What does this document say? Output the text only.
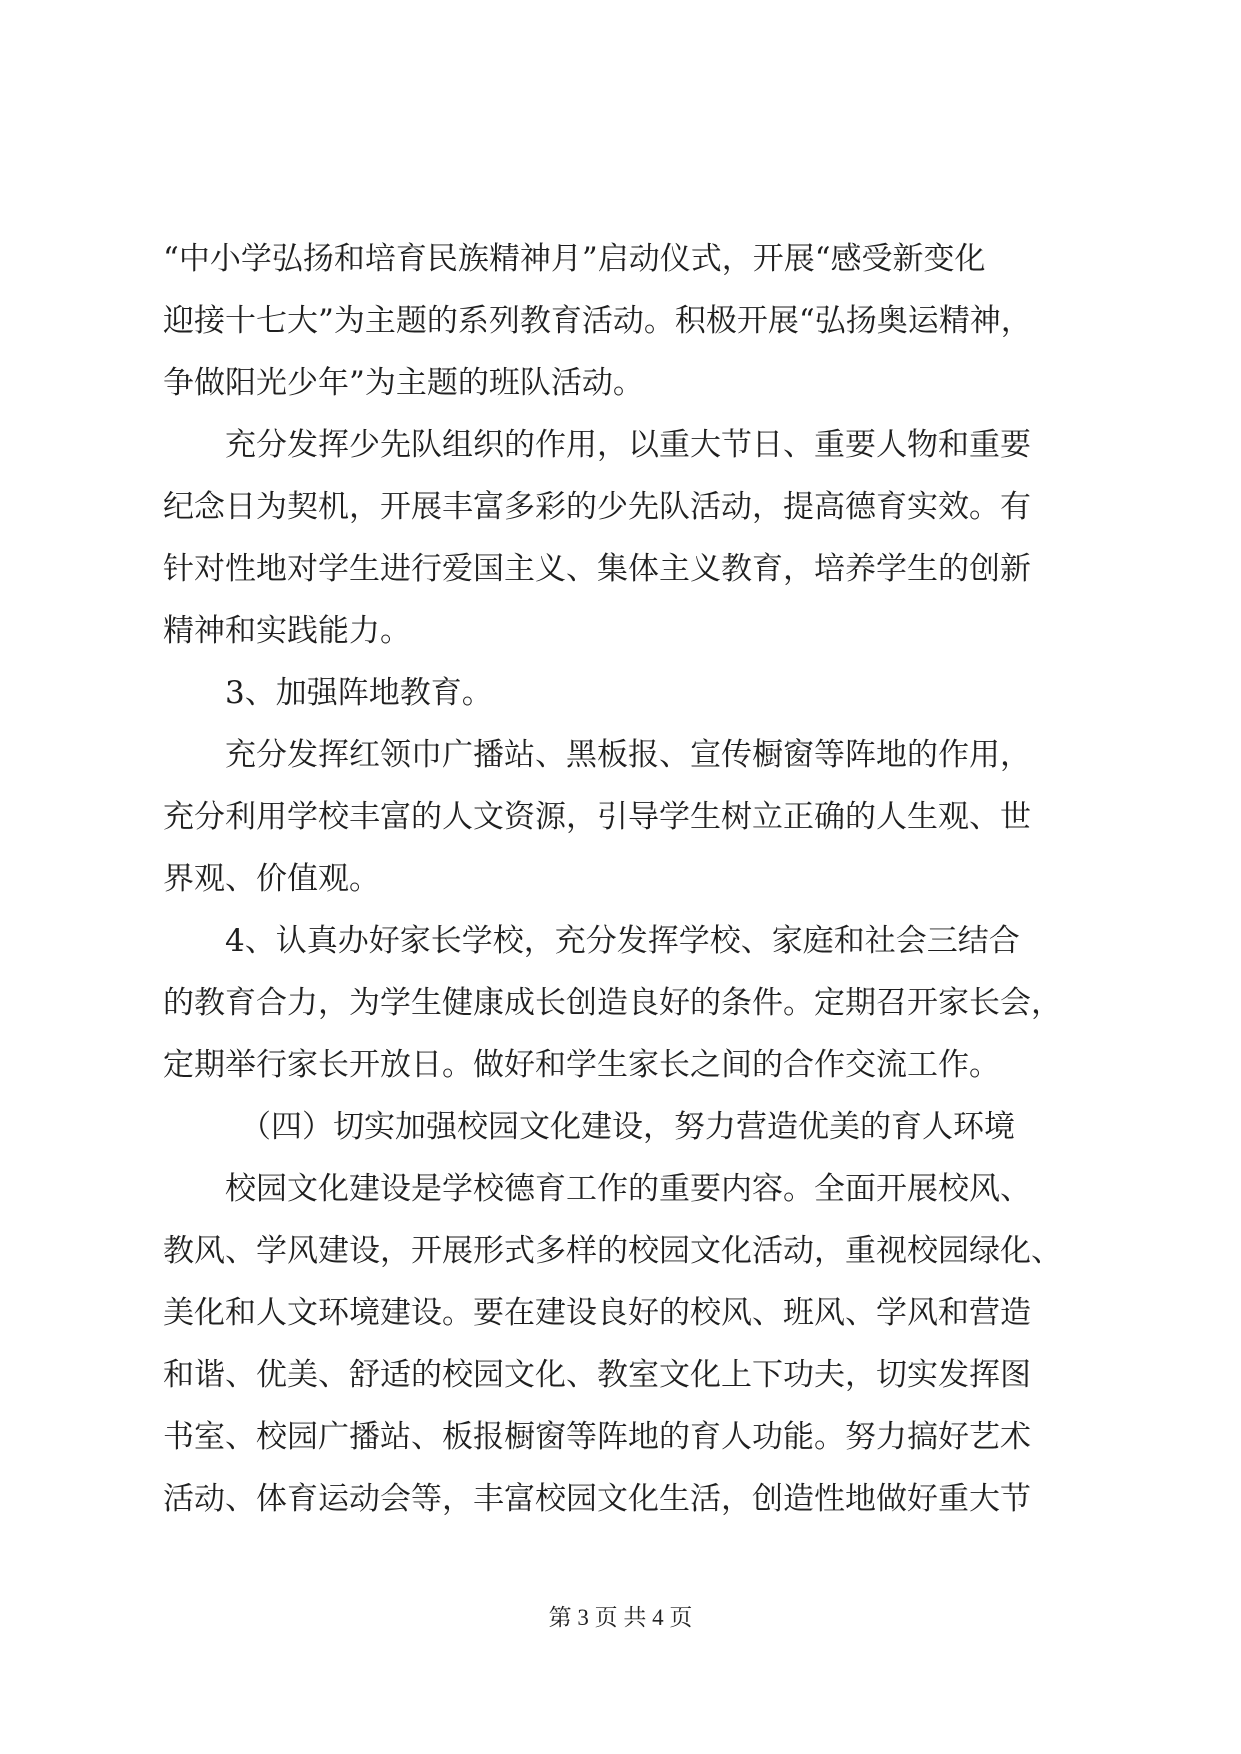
“中小学弘扬和培育民族精神月”启动仪式，开展“感受新变化
迎接十七大”为主题的系列教育活动。积极开展“弘扬奥运精神，
争做阳光少年”为主题的班队活动。
充分发挥少先队组织的作用，以重大节日、重要人物和重要
纪念日为契机，开展丰富多彩的少先队活动，提高德育实效。有
针对性地对学生进行爱国主义、集体主义教育，培养学生的创新
精神和实践能力。
3、加强阵地教育。
充分发挥红领巾广播站、黑板报、宣传橱窗等阵地的作用，
充分利用学校丰富的人文资源，引导学生树立正确的人生观、世
界观、价值观。
4、认真办好家长学校，充分发挥学校、家庭和社会三结合
的教育合力，为学生健康成长创造良好的条件。定期召开家长会，
定期举行家长开放日。做好和学生家长之间的合作交流工作。
（四）切实加强校园文化建设，努力营造优美的育人环境
校园文化建设是学校德育工作的重要内容。全面开展校风、
教风、学风建设，开展形式多样的校园文化活动，重视校园绿化、
美化和人文环境建设。要在建设良好的校风、班风、学风和营造
和谐、优美、舒适的校园文化、教室文化上下功夫，切实发挥图
书室、校园广播站、板报橱窗等阵地的育人功能。努力搞好艺术
活动、体育运动会等，丰富校园文化生活，创造性地做好重大节
第 3 页 共 4 页
